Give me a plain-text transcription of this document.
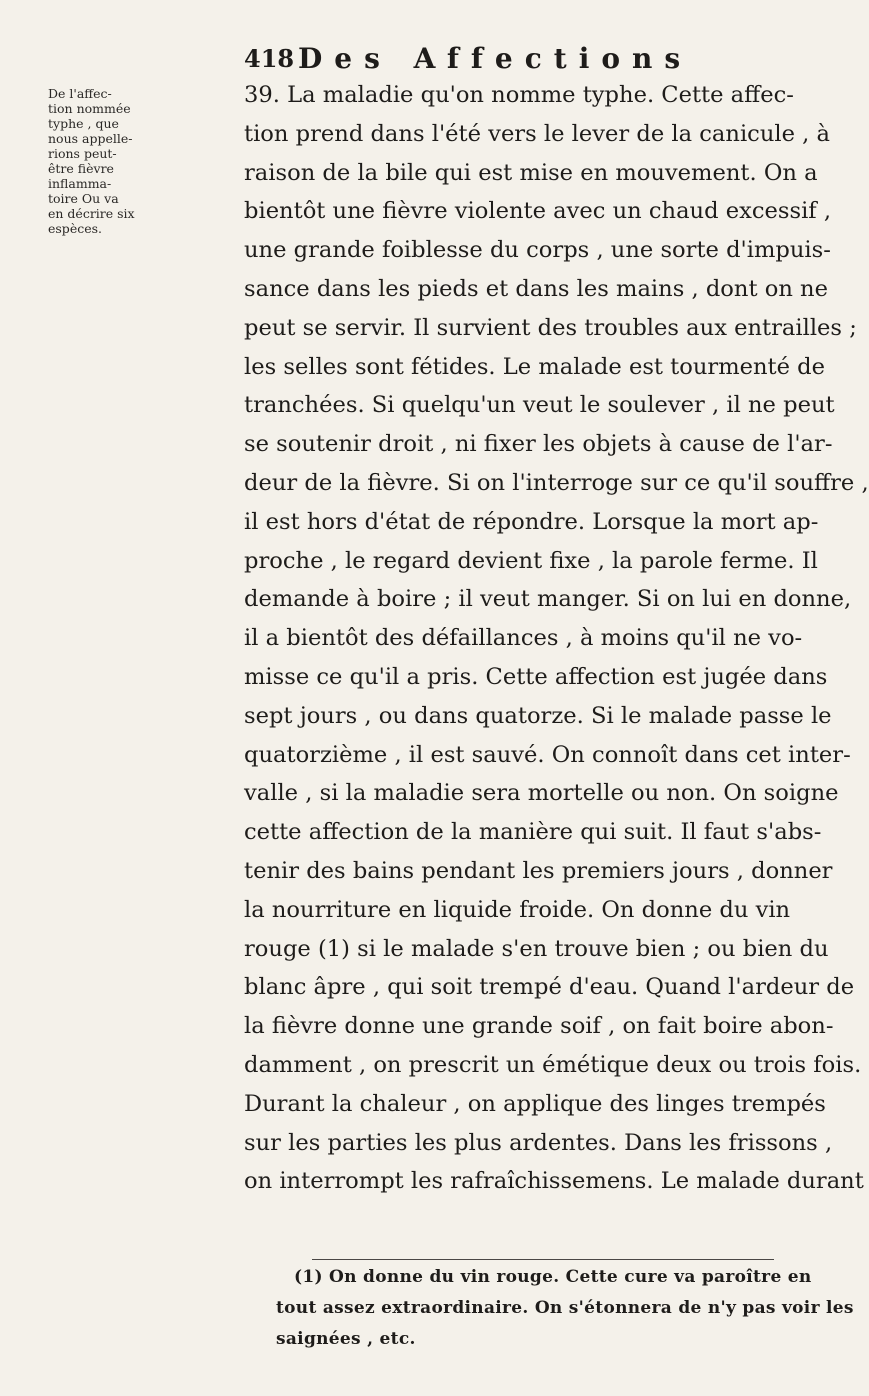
418 Des Affections
De l'affec-
tion nommée
typhe , que
nous appelle-
rions peut-
être fièvre
inflamma-
toire Ou va
en décrire six
espèces.
39. La maladie qu'on nomme typhe. Cette affec-
tion prend dans l'été vers le lever de la canicule , à
raison de la bile qui est mise en mouvement. On a
bientôt une fièvre violente avec un chaud excessif ,
une grande foiblesse du corps , une sorte d'impuis-
sance dans les pieds et dans les mains , dont on ne
peut se servir. Il survient des troubles aux entrailles ;
les selles sont fétides. Le malade est tourmenté de
tranchées. Si quelqu'un veut le soulever , il ne peut
se soutenir droit , ni fixer les objets à cause de l'ar-
deur de la fièvre. Si on l'interroge sur ce qu'il souffre ,
il est hors d'état de répondre. Lorsque la mort ap-
proche , le regard devient fixe , la parole ferme. Il
demande à boire ; il veut manger. Si on lui en donne,
il a bientôt des défaillances , à moins qu'il ne vo-
misse ce qu'il a pris. Cette affection est jugée dans
sept jours , ou dans quatorze. Si le malade passe le
quatorzième , il est sauvé. On connoît dans cet inter-
valle , si la maladie sera mortelle ou non. On soigne
cette affection de la manière qui suit. Il faut s'abs-
tenir des bains pendant les premiers jours , donner
la nourriture en liquide froide. On donne du vin
rouge (1) si le malade s'en trouve bien ; ou bien du
blanc âpre , qui soit trempé d'eau. Quand l'ardeur de
la fièvre donne une grande soif , on fait boire abon-
damment , on prescrit un émétique deux ou trois fois.
Durant la chaleur , on applique des linges trempés
sur les parties les plus ardentes. Dans les frissons ,
on interrompt les rafraîchissemens. Le malade durant
(1) On donne du vin rouge. Cette cure va paroître en
tout assez extraordinaire. On s'étonnera de n'y pas voir les
saignées , etc.
